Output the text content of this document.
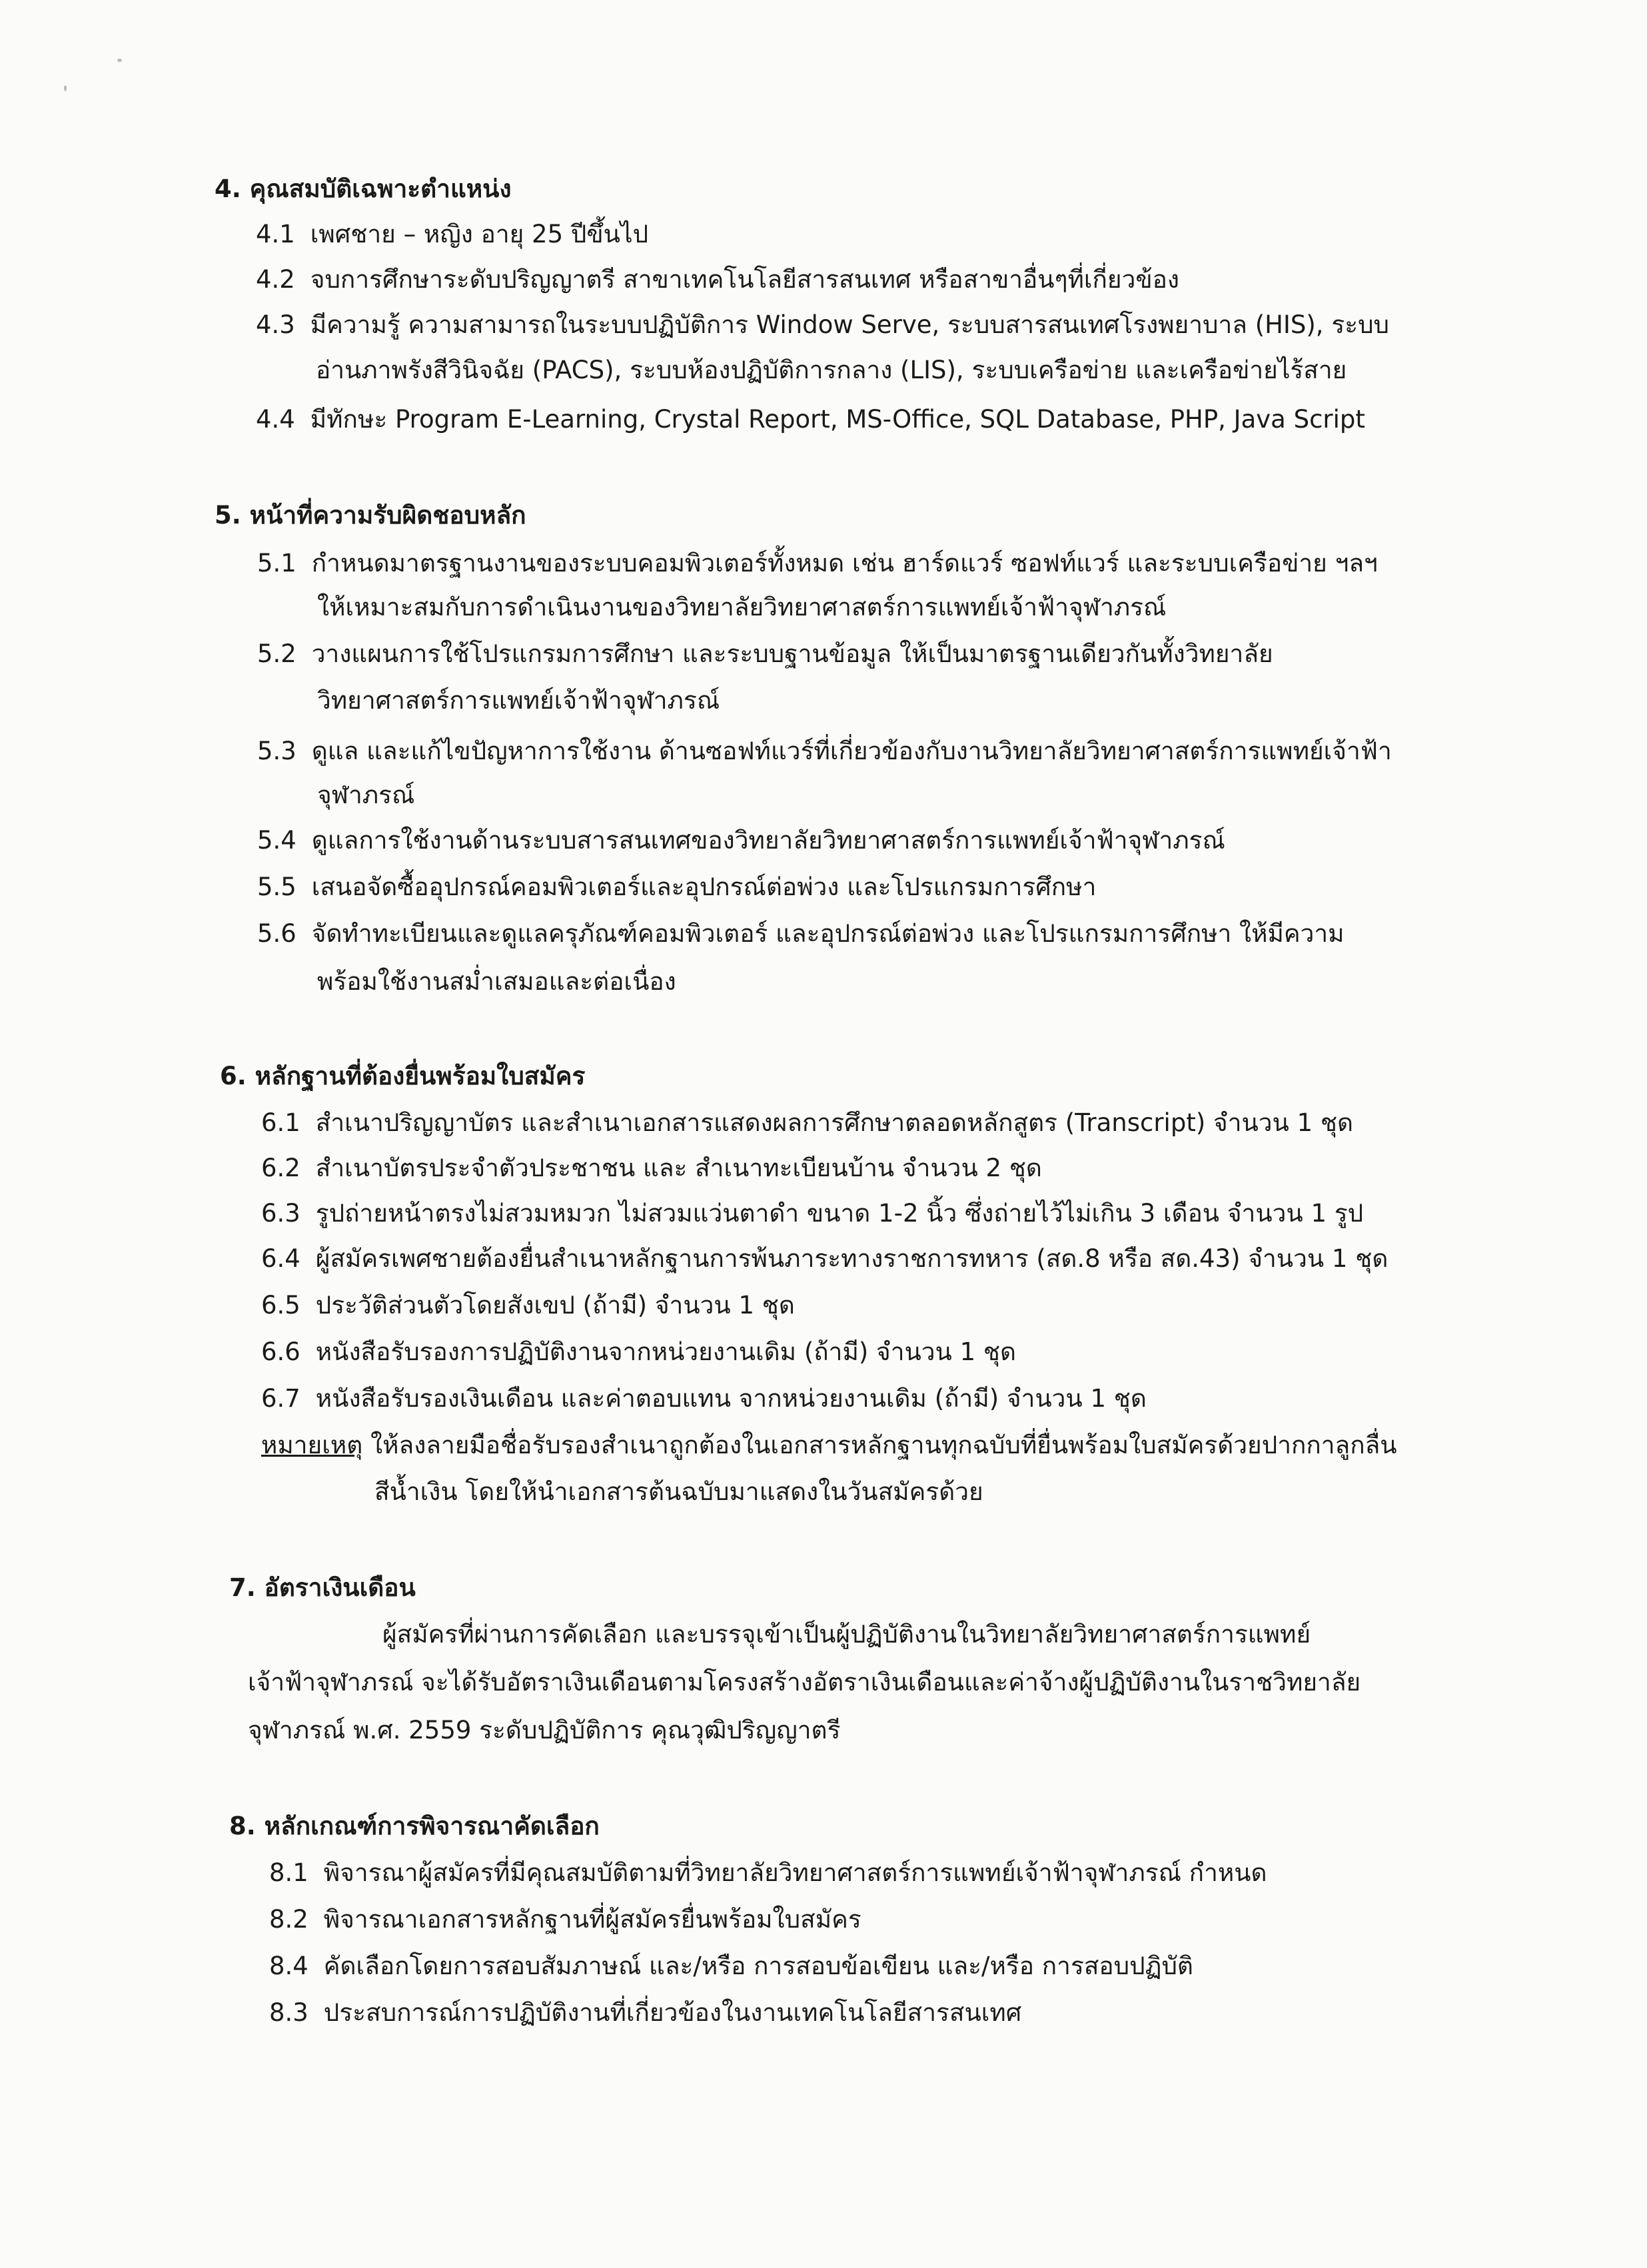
4. คุณสมบัติเฉพาะตำแหน่ง
4.1 เพศชาย – หญิง อายุ 25 ปีขึ้นไป
4.2 จบการศึกษาระดับปริญญาตรี สาขาเทคโนโลยีสารสนเทศ หรือสาขาอื่นๆที่เกี่ยวข้อง
4.3 มีความรู้ ความสามารถในระบบปฏิบัติการ Window Serve, ระบบสารสนเทศโรงพยาบาล (HIS), ระบบ
อ่านภาพรังสีวินิจฉัย (PACS), ระบบห้องปฏิบัติการกลาง (LIS), ระบบเครือข่าย และเครือข่ายไร้สาย
4.4 มีทักษะ Program E-Learning, Crystal Report, MS-Office, SQL Database, PHP, Java Script
5. หน้าที่ความรับผิดชอบหลัก
5.1 กำหนดมาตรฐานงานของระบบคอมพิวเตอร์ทั้งหมด เช่น ฮาร์ดแวร์ ซอฟท์แวร์ และระบบเครือข่าย ฯลฯ
ให้เหมาะสมกับการดำเนินงานของวิทยาลัยวิทยาศาสตร์การแพทย์เจ้าฟ้าจุฬาภรณ์
5.2 วางแผนการใช้โปรแกรมการศึกษา และระบบฐานข้อมูล ให้เป็นมาตรฐานเดียวกันทั้งวิทยาลัย
วิทยาศาสตร์การแพทย์เจ้าฟ้าจุฬาภรณ์
5.3 ดูแล และแก้ไขปัญหาการใช้งาน ด้านซอฟท์แวร์ที่เกี่ยวข้องกับงานวิทยาลัยวิทยาศาสตร์การแพทย์เจ้าฟ้า
จุฬาภรณ์
5.4 ดูแลการใช้งานด้านระบบสารสนเทศของวิทยาลัยวิทยาศาสตร์การแพทย์เจ้าฟ้าจุฬาภรณ์
5.5 เสนอจัดซื้ออุปกรณ์คอมพิวเตอร์และอุปกรณ์ต่อพ่วง และโปรแกรมการศึกษา
5.6 จัดทำทะเบียนและดูแลครุภัณฑ์คอมพิวเตอร์ และอุปกรณ์ต่อพ่วง และโปรแกรมการศึกษา ให้มีความ
พร้อมใช้งานสม่ำเสมอและต่อเนื่อง
6. หลักฐานที่ต้องยื่นพร้อมใบสมัคร
6.1 สำเนาปริญญาบัตร และสำเนาเอกสารแสดงผลการศึกษาตลอดหลักสูตร (Transcript) จำนวน 1 ชุด
6.2 สำเนาบัตรประจำตัวประชาชน และ สำเนาทะเบียนบ้าน จำนวน 2 ชุด
6.3 รูปถ่ายหน้าตรงไม่สวมหมวก ไม่สวมแว่นตาดำ ขนาด 1-2 นิ้ว ซึ่งถ่ายไว้ไม่เกิน 3 เดือน จำนวน 1 รูป
6.4 ผู้สมัครเพศชายต้องยื่นสำเนาหลักฐานการพ้นภาระทางราชการทหาร (สด.8 หรือ สด.43) จำนวน 1 ชุด
6.5 ประวัติส่วนตัวโดยสังเขป (ถ้ามี) จำนวน 1 ชุด
6.6 หนังสือรับรองการปฏิบัติงานจากหน่วยงานเดิม (ถ้ามี) จำนวน 1 ชุด
6.7 หนังสือรับรองเงินเดือน และค่าตอบแทน จากหน่วยงานเดิม (ถ้ามี) จำนวน 1 ชุด
หมายเหตุ ให้ลงลายมือชื่อรับรองสำเนาถูกต้องในเอกสารหลักฐานทุกฉบับที่ยื่นพร้อมใบสมัครด้วยปากกาลูกลื่น
สีน้ำเงิน โดยให้นำเอกสารต้นฉบับมาแสดงในวันสมัครด้วย
7. อัตราเงินเดือน
ผู้สมัครที่ผ่านการคัดเลือก และบรรจุเข้าเป็นผู้ปฏิบัติงานในวิทยาลัยวิทยาศาสตร์การแพทย์
เจ้าฟ้าจุฬาภรณ์ จะได้รับอัตราเงินเดือนตามโครงสร้างอัตราเงินเดือนและค่าจ้างผู้ปฏิบัติงานในราชวิทยาลัย
จุฬาภรณ์ พ.ศ. 2559 ระดับปฏิบัติการ คุณวุฒิปริญญาตรี
8. หลักเกณฑ์การพิจารณาคัดเลือก
8.1 พิจารณาผู้สมัครที่มีคุณสมบัติตามที่วิทยาลัยวิทยาศาสตร์การแพทย์เจ้าฟ้าจุฬาภรณ์ กำหนด
8.2 พิจารณาเอกสารหลักฐานที่ผู้สมัครยื่นพร้อมใบสมัคร
8.4 คัดเลือกโดยการสอบสัมภาษณ์ และ/หรือ การสอบข้อเขียน และ/หรือ การสอบปฏิบัติ
8.3 ประสบการณ์การปฏิบัติงานที่เกี่ยวข้องในงานเทคโนโลยีสารสนเทศ
